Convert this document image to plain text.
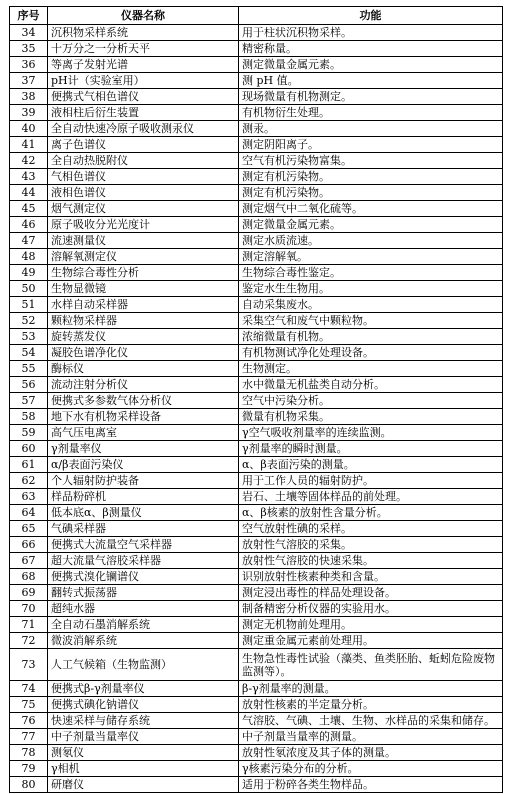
序号	仪器名称	功能
34	沉积物采样系统	用于柱状沉积物采样。
35	十万分之一分析天平	精密称量。
36	等离子发射光谱	测定微量金属元素。
37	pH计（实验室用）	测 pH 值。
38	便携式气相色谱仪	现场微量有机物测定。
39	液相柱后衍生装置	有机物衍生处理。
40	全自动快速冷原子吸收测汞仪	测汞。
41	离子色谱仪	测定阴阳离子。
42	全自动热脱附仪	空气有机污染物富集。
43	气相色谱仪	测定有机污染物。
44	液相色谱仪	测定有机污染物。
45	烟气测定仪	测定烟气中二氧化硫等。
46	原子吸收分光光度计	测定微量金属元素。
47	流速测量仪	测定水质流速。
48	溶解氧测定仪	测定溶解氧。
49	生物综合毒性分析	生物综合毒性鉴定。
50	生物显微镜	鉴定水生生物用。
51	水样自动采样器	自动采集废水。
52	颗粒物采样器	采集空气和废气中颗粒物。
53	旋转蒸发仪	浓缩微量有机物。
54	凝胶色谱净化仪	有机物测试净化处理设备。
55	酶标仪	生物测定。
56	流动注射分析仪	水中微量无机盐类自动分析。
57	便携式多参数气体分析仪	空气中污染分析。
58	地下水有机物采样设备	微量有机物采集。
59	高气压电离室	γ空气吸收剂量率的连续监测。
60	γ剂量率仪	γ剂量率的瞬时测量。
61	α/β表面污染仪	α、β表面污染的测量。
62	个人辐射防护装备	用于工作人员的辐射防护。
63	样品粉碎机	岩石、土壤等固体样品的前处理。
64	低本底α、β测量仪	α、β核素的放射性含量分析。
65	气碘采样器	空气放射性碘的采样。
66	便携式大流量空气采样器	放射性气溶胶的采集。
67	超大流量气溶胶采样器	放射性气溶胶的快速采集。
68	便携式溴化镧谱仪	识别放射性核素种类和含量。
69	翻转式振荡器	测定浸出毒性的样品处理设备。
70	超纯水器	制备精密分析仪器的实验用水。
71	全自动石墨消解系统	测定无机物前处理用。
72	微波消解系统	测定重金属元素前处理用。
73	人工气候箱（生物监测）	生物急性毒性试验（藻类、鱼类胚胎、蚯蚓危险废物监测等）。
74	便携式β-γ剂量率仪	β-γ剂量率的测量。
75	便携式碘化钠谱仪	放射性核素的半定量分析。
76	快速采样与储存系统	气溶胶、气碘、土壤、生物、水样品的采集和储存。
77	中子剂量当量率仪	中子剂量当量率的测量。
78	测氡仪	放射性氡浓度及其子体的测量。
79	γ相机	γ核素污染分布的分析。
80	研磨仪	适用于粉碎各类生物样品。
